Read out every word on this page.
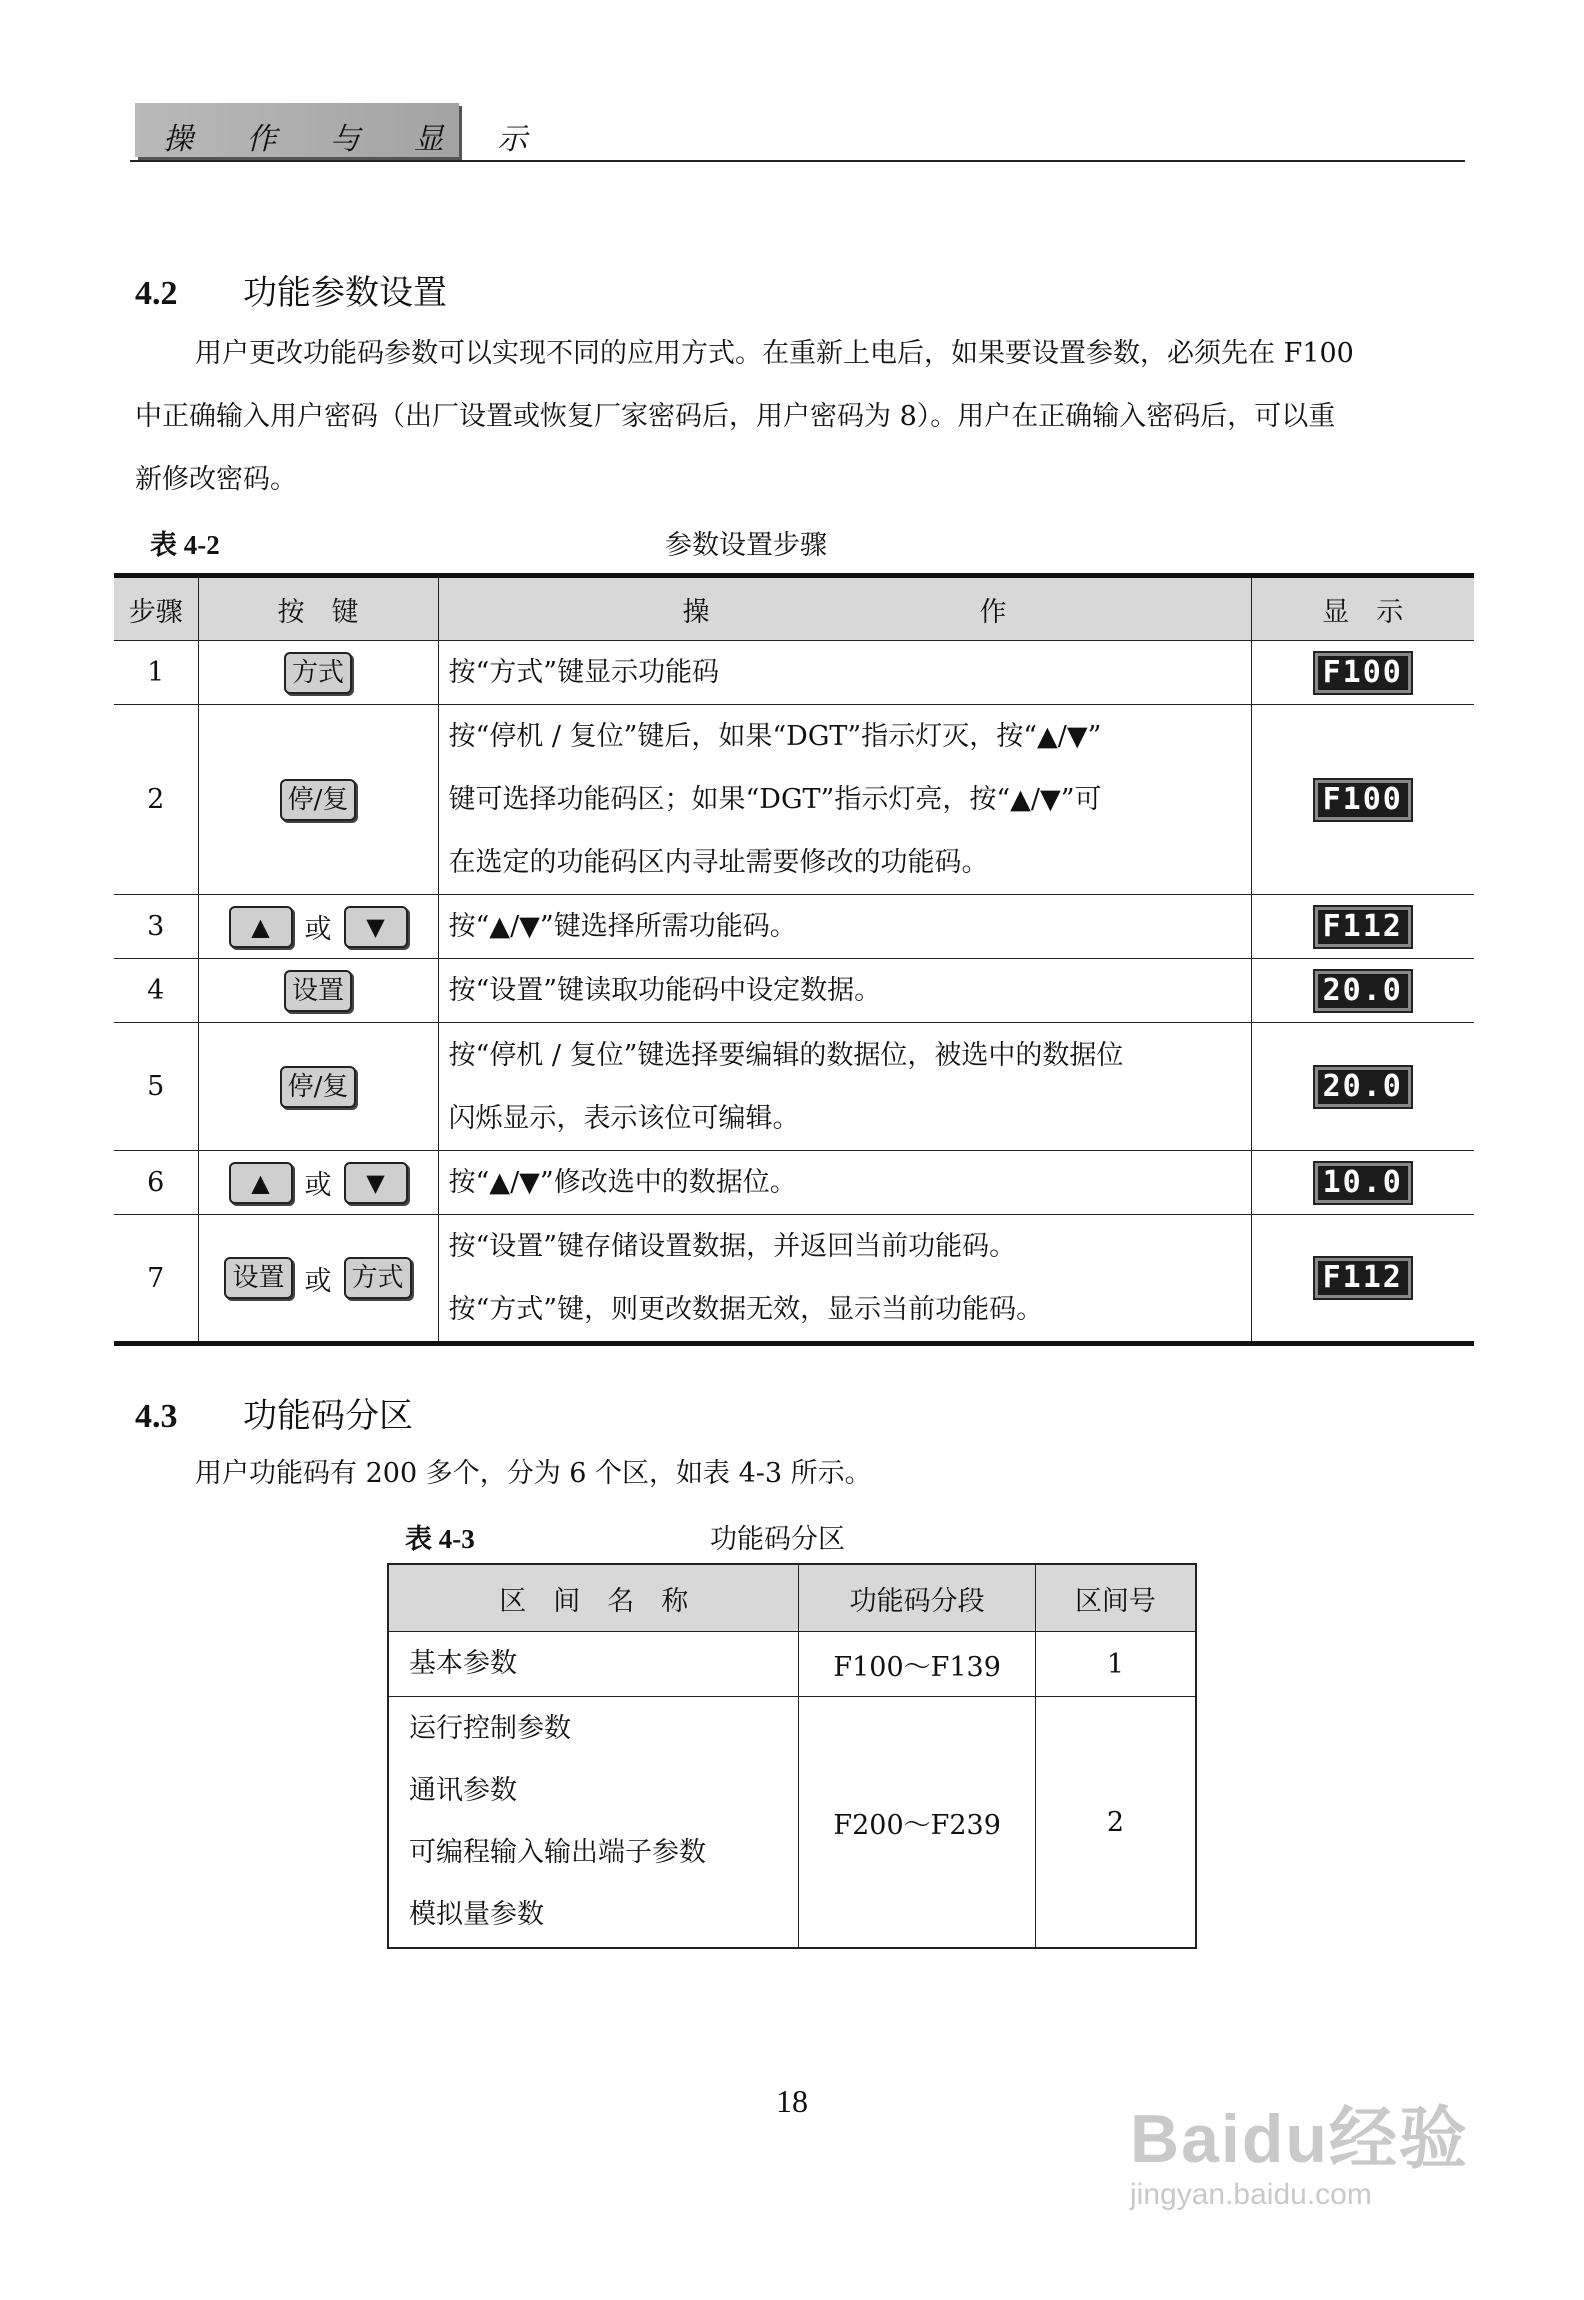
操 作 与 显 示
4.2 功能参数设置

用户更改功能码参数可以实现不同的应用方式。在重新上电后，如果要设置参数，必须先在 F100

中正确输入用户密码（出厂设置或恢复厂家密码后，用户密码为 8）。用户在正确输入密码后，可以重

新修改密码。

表 4-2	参数设置步骤
步骤	按　键	操　　　　　　　　　　作	显　示
1	方式	按“方式”键显示功能码	F100
2	停/复	按“停机 / 复位”键后，如果“DGT”指示灯灭，按“▲/▼”
键可选择功能码区；如果“DGT”指示灯亮，按“▲/▼”可
在选定的功能码区内寻址需要修改的功能码。	F100
3	▲ 或 ▼	按“▲/▼”键选择所需功能码。	F112
4	设置	按“设置”键读取功能码中设定数据。	20.0
5	停/复	按“停机 / 复位”键选择要编辑的数据位，被选中的数据位
闪烁显示，表示该位可编辑。	20.0
6	▲ 或 ▼	按“▲/▼”修改选中的数据位。	10.0
7	设置 或 方式	按“设置”键存储设置数据，并返回当前功能码。
按“方式”键，则更改数据无效，显示当前功能码。	F112
4.3 功能码分区

用户功能码有 200 多个，分为 6 个区，如表 4-3 所示。

表 4-3	功能码分区
区　间　名　称	功能码分段	区间号

基本参数	F100～F139	1

运行控制参数
通讯参数
可编程输入输出端子参数
模拟量参数	F200～F239	2
18	Baidu经验
jingyan.baidu.com
